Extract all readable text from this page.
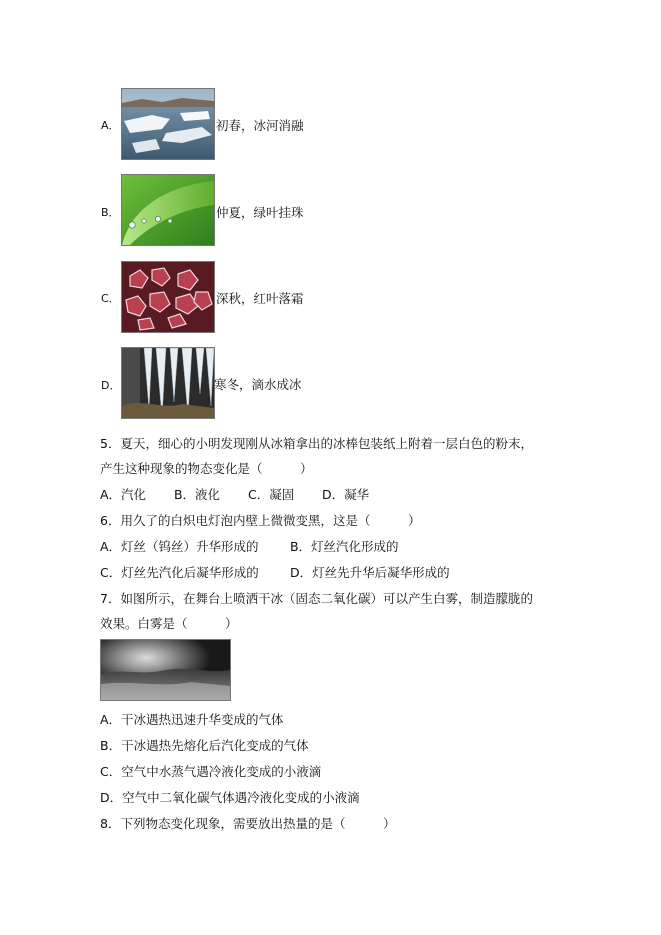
A．	初春，冰河消融
B．	仲夏，绿叶挂珠
C．	深秋，红叶落霜
D．	寒冬，滴水成冰
5．夏天，细心的小明发现刚从冰箱拿出的冰棒包装纸上附着一层白色的粉末，
产生这种现象的物态变化是（　　　）
A．汽化 B．液化 C．凝固 D．凝华
6．用久了的白炽电灯泡内壁上微微变黑，这是（　　　）
A．灯丝（钨丝）升华形成的	B．灯丝汽化形成的
C．灯丝先汽化后凝华形成的	D．灯丝先升华后凝华形成的
7．如图所示，在舞台上喷洒干冰（固态二氧化碳）可以产生白雾，制造朦胧的
效果。白雾是（　　　）
A．干冰遇热迅速升华变成的气体
B．干冰遇热先熔化后汽化变成的气体
C．空气中水蒸气遇冷液化变成的小液滴
D．空气中二氧化碳气体遇冷液化变成的小液滴
8．下列物态变化现象，需要放出热量的是（　　　）
